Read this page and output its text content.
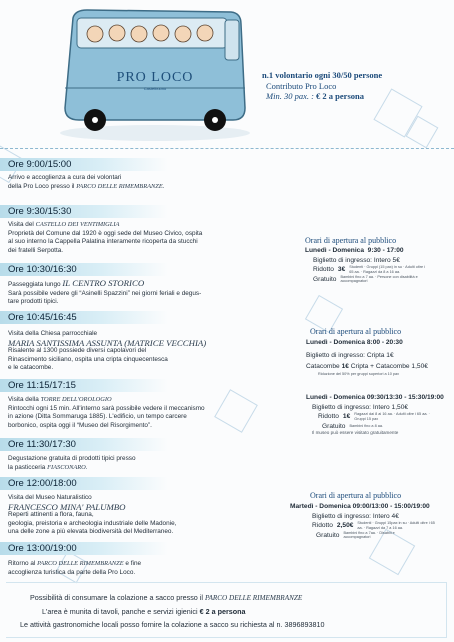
PRO LOCO
Castelbuono
n.1 volontario ogni 30/50 persone
Contributo Pro Loco
Min. 30 pax. : € 2 a persona
Ore 9:00/15:00
Arrivo e accoglienza a cura dei volontari
della Pro Loco presso il PARCO DELLE RIMEMBRANZE.
Ore 9:30/15:30
Visita del CASTELLO DEI VENTIMIGLIA
Proprietà del Comune dal 1920 è oggi sede del Museo Civico, ospita
al suo interno la Cappella Palatina interamente ricoperta da stucchi
dei fratelli Serpotta.
Ore 10:30/16:30
Passeggiata lungo IL CENTRO STORICO
Sarà possibile vedere gli “Asinelli Spazzini” nei giorni feriali e degus-
tare prodotti tipici.
Ore 10:45/16:45
Visita della Chiesa parrocchiale
MARIA SANTISSIMA ASSUNTA (MATRICE VECCHIA)
Risalente al 1300 possiede diversi capolavori del
Rinascimento siciliano, ospita una cripta cinquecentesca
e le catacombe.
Ore 11:15/17:15
Visita della TORRE DELL'OROLOGIO
Rintocchi ogni 15 min. All'interno sarà possibile vedere il meccanismo
in azione (Ditta Sommaruga 1885). L'edificio, un tempo carcere
borbonico, ospita oggi il “Museo del Risorgimento”.
Ore 11:30/17:30
Degustazione gratuita di prodotti tipici presso
la pasticceria FIASCONARO.
Ore 12:00/18:00
Visita del Museo Naturalistico
FRANCESCO MINA' PALUMBO
Reperti attinenti a flora, fauna,
geologia, preistoria e archeologia industriale delle Madonie,
una delle zone a più elevata biodiversità del Mediterraneo.
Ore 13:00/19:00
Ritorno al PARCO DELLE RIMEMBRANZE e fine
accoglienza turistica da parte della Pro Loco.
Orari di apertura al pubblico
Lunedì - Domenica 9:30 - 17:00
Biglietto di ingresso: Intero 5€
Ridotto 3€ Studenti · Gruppi (15 pax) in su · Adulti oltre i 65 aa. · Ragazzi da 8 a 16 aa.
Gratuito Bambini fino a 7 aa. · Persone con disabilità e accompagnatori
Orari di apertura al pubblico
Lunedì - Domenica 8:00 - 20:30
Biglietto di ingresso: Cripta 1€
Catacombe 1€ Cripta + Catacombe 1,50€
Riduzione del 50% per gruppi superiori a 10 pax
Lunedì - Domenica 09:30/13:30 - 15:30/19:00
Biglietto di ingresso: Intero 1,50€
Ridotto 1€ Ragazzi dai 8 ai 16 aa. · Adulti oltre i 65 aa. · Gruppi 15 pax
Gratuito Bambini fino a 8 aa.
Il museo può essere visitato gratuitamente
Orari di apertura al pubblico
Martedì - Domenica 09:00/13:00 - 15:00/19:00
Biglietto di ingresso: Intero 4€
Ridotto 2,50€ Studenti · Gruppi 15pax in su · Adulti oltre i 65 aa. · Ragazzi da 7 a 16 aa.
Gratuito Bambini fino a 7aa. · Disabili e accompagnatori
Possibilità di consumare la colazione a sacco presso il PARCO DELLE RIMEMBRANZE
L'area è munita di tavoli, panche e servizi igienici € 2 a persona
Le attività gastronomiche locali posso fornire la colazione a sacco su richiesta al n. 3896893810
